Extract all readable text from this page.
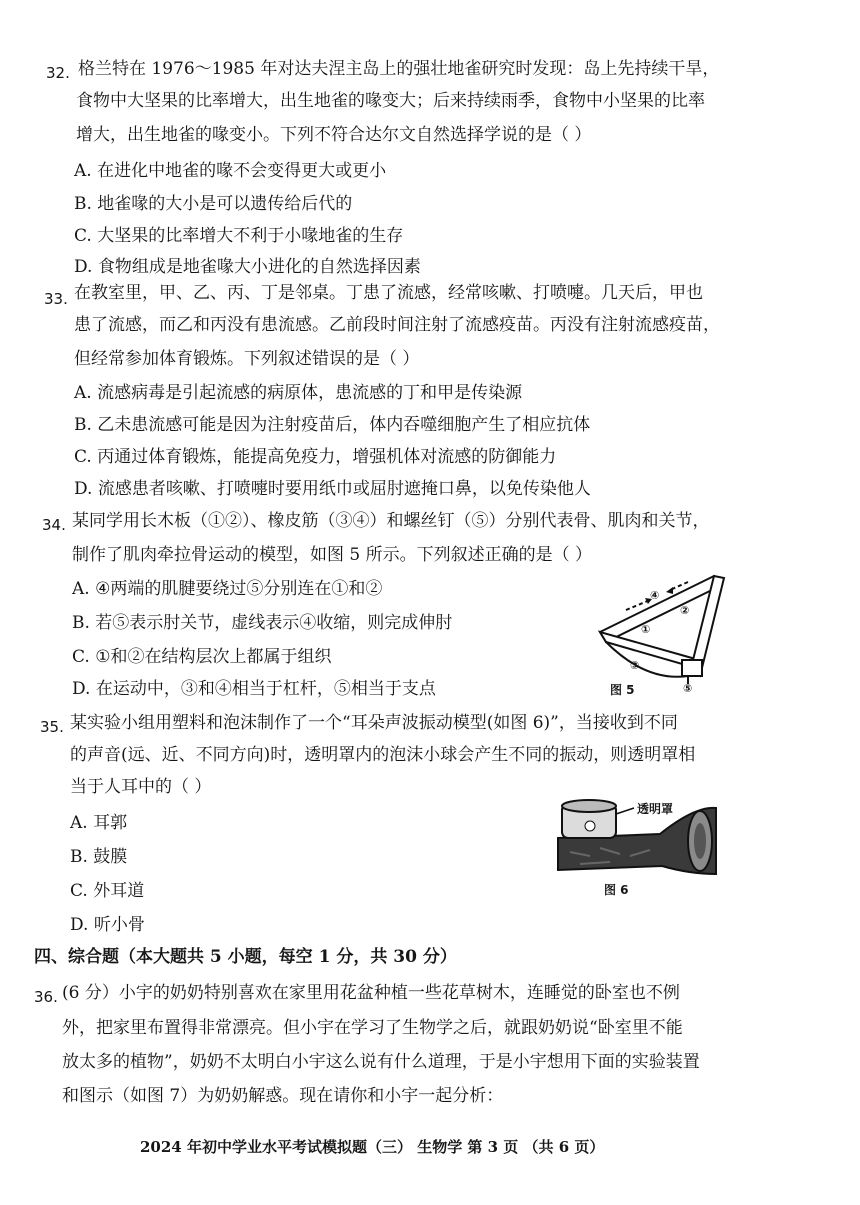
32. 格兰特在 1976～1985 年对达夫涅主岛上的强壮地雀研究时发现：岛上先持续干旱，
食物中大坚果的比率增大，出生地雀的喙变大；后来持续雨季，食物中小坚果的比率
增大，出生地雀的喙变小。下列不符合达尔文自然选择学说的是（ ）
A. 在进化中地雀的喙不会变得更大或更小
B. 地雀喙的大小是可以遗传给后代的
C. 大坚果的比率增大不利于小喙地雀的生存
D. 食物组成是地雀喙大小进化的自然选择因素
33. 在教室里，甲、乙、丙、丁是邻桌。丁患了流感，经常咳嗽、打喷嚏。几天后，甲也
患了流感，而乙和丙没有患流感。乙前段时间注射了流感疫苗。丙没有注射流感疫苗，
但经常参加体育锻炼。下列叙述错误的是（ ）
A. 流感病毒是引起流感的病原体，患流感的丁和甲是传染源
B. 乙未患流感可能是因为注射疫苗后，体内吞噬细胞产生了相应抗体
C. 丙通过体育锻炼，能提高免疫力，增强机体对流感的防御能力
D. 流感患者咳嗽、打喷嚏时要用纸巾或屈肘遮掩口鼻，以免传染他人
34. 某同学用长木板（①②）、橡皮筋（③④）和螺丝钉（⑤）分别代表骨、肌肉和关节，
制作了肌肉牵拉骨运动的模型，如图 5 所示。下列叙述正确的是（ ）
A. ④两端的肌腱要绕过⑤分别连在①和②
B. 若⑤表示肘关节，虚线表示④收缩，则完成伸肘
C. ①和②在结构层次上都属于组织
D. 在运动中，③和④相当于杠杆，⑤相当于支点
④
②
①
③
⑤
图 5
35. 某实验小组用塑料和泡沫制作了一个“耳朵声波振动模型(如图 6)”，当接收到不同
的声音(远、近、不同方向)时，透明罩内的泡沫小球会产生不同的振动，则透明罩相
当于人耳中的（ ）
A. 耳郭
B. 鼓膜
C. 外耳道
D. 听小骨
透明罩
图 6
四、综合题（本大题共 5 小题，每空 1 分，共 30 分）
36. (6 分）小宇的奶奶特别喜欢在家里用花盆种植一些花草树木，连睡觉的卧室也不例
外，把家里布置得非常漂亮。但小宇在学习了生物学之后，就跟奶奶说“卧室里不能
放太多的植物”，奶奶不太明白小宇这么说有什么道理，于是小宇想用下面的实验装置
和图示（如图 7）为奶奶解惑。现在请你和小宇一起分析：
2024 年初中学业水平考试模拟题（三） 生物学 第 3 页 （共 6 页）
